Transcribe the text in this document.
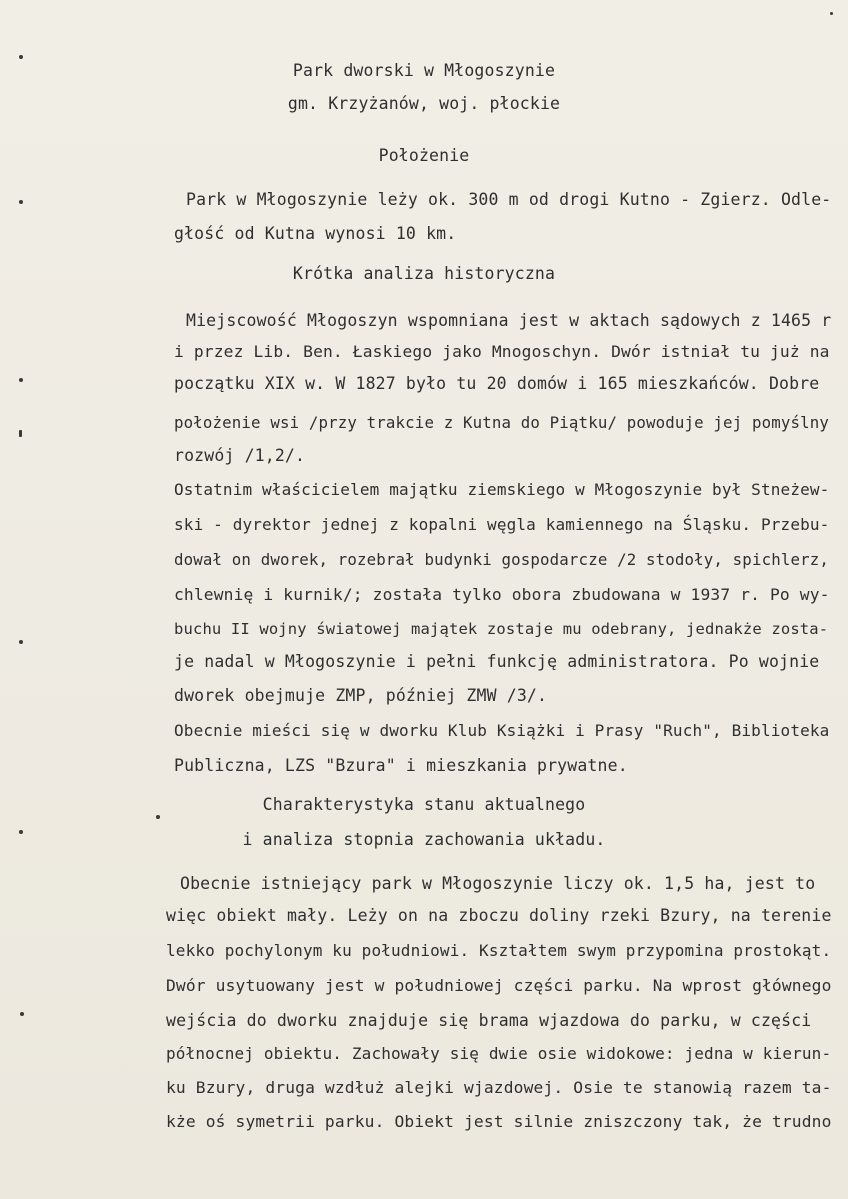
Park dworski w Młogoszynie
gm. Krzyżanów, woj. płockie
Położenie
Park w Młogoszynie leży ok. 300 m od drogi Kutno - Zgierz. Odle-
głość od Kutna wynosi 10 km.
Krótka analiza historyczna
Miejscowość Młogoszyn wspomniana jest w aktach sądowych z 1465 r
i przez Lib. Ben. Łaskiego jako Mnogoschyn. Dwór istniał tu już na
początku XIX w. W 1827 było tu 20 domów i 165 mieszkańców. Dobre
położenie wsi /przy trakcie z Kutna do Piątku/ powoduje jej pomyślny
rozwój /1,2/.
Ostatnim właścicielem majątku ziemskiego w Młogoszynie był Stneżew-
ski - dyrektor jednej z kopalni węgla kamiennego na Śląsku. Przebu-
dował on dworek, rozebrał budynki gospodarcze /2 stodoły, spichlerz,
chlewnię i kurnik/; została tylko obora zbudowana w 1937 r. Po wy-
buchu II wojny światowej majątek zostaje mu odebrany, jednakże zosta-
je nadal w Młogoszynie i pełni funkcję administratora. Po wojnie
dworek obejmuje ZMP, później ZMW /3/.
Obecnie mieści się w dworku Klub Książki i Prasy "Ruch", Biblioteka
Publiczna, LZS "Bzura" i mieszkania prywatne.
Charakterystyka stanu aktualnego
i analiza stopnia zachowania układu.
Obecnie istniejący park w Młogoszynie liczy ok. 1,5 ha, jest to
więc obiekt mały. Leży on na zboczu doliny rzeki Bzury, na terenie
lekko pochylonym ku południowi. Kształtem swym przypomina prostokąt.
Dwór usytuowany jest w południowej części parku. Na wprost głównego
wejścia do dworku znajduje się brama wjazdowa do parku, w części
północnej obiektu. Zachowały się dwie osie widokowe: jedna w kierun-
ku Bzury, druga wzdłuż alejki wjazdowej. Osie te stanowią razem ta-
kże oś symetrii parku. Obiekt jest silnie zniszczony tak, że trudno
